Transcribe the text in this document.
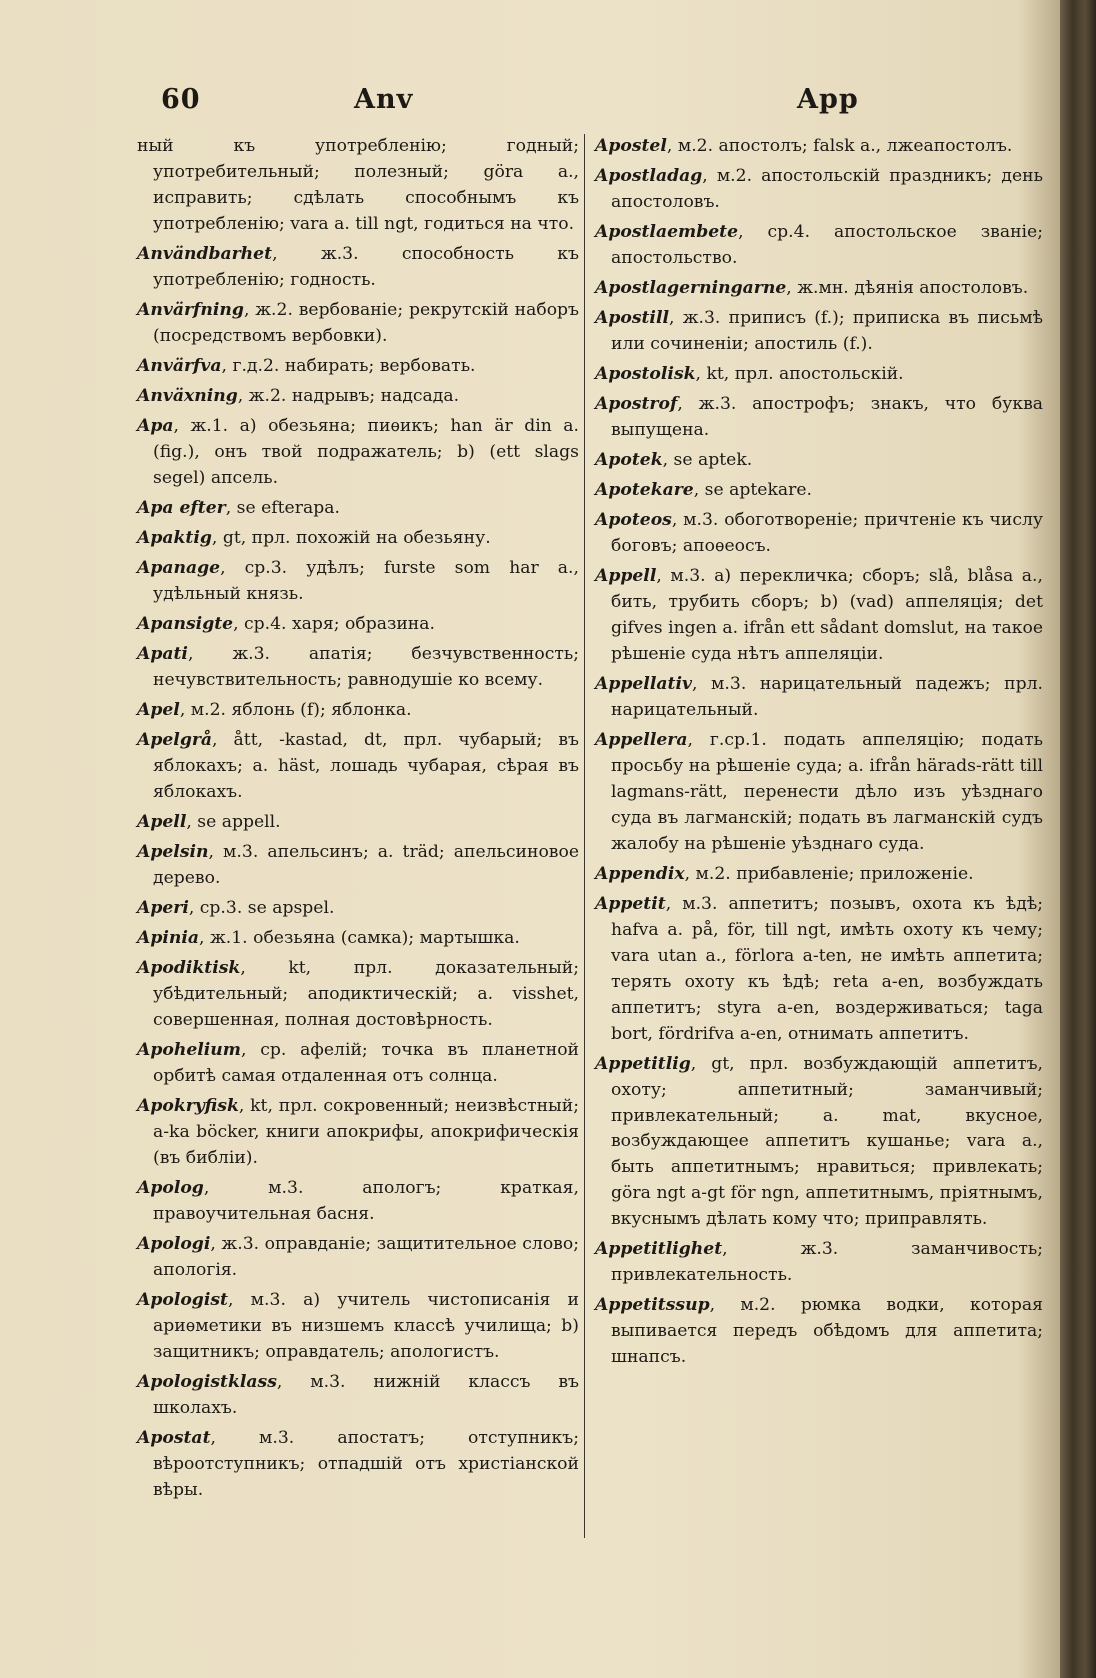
60	Anv	App

ный къ употребленію; годный; употребительный; полезный; göra a., исправить; сдѣлать способнымъ къ употребленію; vara a. till ngt, годиться на что.

Användbarhet, ж.3. способность къ употребленію; годность.

Anvärfning, ж.2. вербованіе; рекрутскій наборъ (посредствомъ вербовки).

Anvärfva, г.д.2. набирать; вербовать.

Anväxning, ж.2. надрывъ; надсада.

Apa, ж.1. a) обезьяна; пиѳикъ; han är din a. (fig.), онъ твой подражатель; b) (ett slags segel) апсель.

Apa efter, se efterapa.

Apaktig, gt, прл. похожій на обезьяну.

Apanage, ср.3. удѣлъ; furste som har a., удѣльный князь.

Apansigte, ср.4. харя; образина.

Apati, ж.3. апатія; безчувственность; нечувствительность; равнодушіе ко всему.

Apel, м.2. яблонь (f); яблонка.

Apelgrå, ått, -kastad, dt, прл. чубарый; въ яблокахъ; a. häst, лошадь чубарая, сѣрая въ яблокахъ.

Apell, se appell.

Apelsin, м.3. апельсинъ; a. träd; апельсиновое дерево.

Aperi, ср.3. se apspel.

Apinia, ж.1. обезьяна (самка); мартышка.

Apodiktisk, kt, прл. доказательный; убѣдительный; аподиктическій; a. visshet, совершенная, полная достовѣрность.

Apohelium, ср. афелій; точка въ планетной орбитѣ самая отдаленная отъ солнца.

Apokryfisk, kt, прл. сокровенный; неизвѣстный; a-ka böcker, книги апокрифы, апокрифическія (въ библіи).

Apolog, м.3. апологъ; краткая, правоучительная басня.

Apologi, ж.3. оправданіе; защитительное слово; апологія.

Apologist, м.3. a) учитель чистописанія и ариѳметики въ низшемъ классѣ училища; b) защитникъ; оправдатель; апологистъ.

Apologistklass, м.3. нижній классъ въ школахъ.

Apostat, м.3. апостатъ; отступникъ; вѣроотступникъ; отпадшій отъ христіанской вѣры.

Apostel, м.2. апостолъ; falsk a., лжеапостолъ.

Apostladag, м.2. апостольскій праздникъ; день апостоловъ.

Apostlaembete, ср.4. апостольское званіе; апостольство.

Apostlagerningarne, ж.мн. дѣянія апостоловъ.

Apostill, ж.3. приписъ (f.); приписка въ письмѣ или сочиненіи; апостиль (f.).

Apostolisk, kt, прл. апостольскій.

Apostrof, ж.3. апострофъ; знакъ, что буква выпущена.

Apotek, se aptek.

Apotekare, se aptekare.

Apoteos, м.3. обоготвореніе; причтеніе къ числу боговъ; апоѳеосъ.

Appell, м.3. a) перекличка; сборъ; slå, blåsa a., бить, трубить сборъ; b) (vad) аппеляція; det gifves ingen a. ifrån ett sådant domslut, на такое рѣшеніе суда нѣтъ аппеляціи.

Appellativ, м.3. нарицательный падежъ; прл. нарицательный.

Appellera, г.ср.1. подать аппеляцію; подать просьбу на рѣшеніе суда; a. ifrån härads-rätt till lagmans-rätt, перенести дѣло изъ уѣзднаго суда въ лагманскій; подать въ лагманскій судъ жалобу на рѣшеніе уѣзднаго суда.

Appendix, м.2. прибавленіе; приложеніе.

Appetit, м.3. аппетитъ; позывъ, охота къ ѣдѣ; hafva a. på, för, till ngt, имѣть охоту къ чему; vara utan a., förlora a-ten, не имѣть аппетита; терять охоту къ ѣдѣ; reta a-en, возбуждать аппетитъ; styra a-en, воздерживаться; taga bort, fördrifva a-en, отнимать аппетитъ.

Appetitlig, gt, прл. возбуждающій аппетитъ, охоту; аппетитный; заманчивый; привлекательный; a. mat, вкусное, возбуждающее аппетитъ кушанье; vara a., быть аппетитнымъ; нравиться; привлекать; göra ngt a-gt för ngn, аппетитнымъ, пріятнымъ, вкуснымъ дѣлать кому что; приправлять.

Appetitlighet, ж.3. заманчивость; привлекательность.

Appetitssup, м.2. рюмка водки, которая выпивается передъ обѣдомъ для аппетита; шнапсъ.
